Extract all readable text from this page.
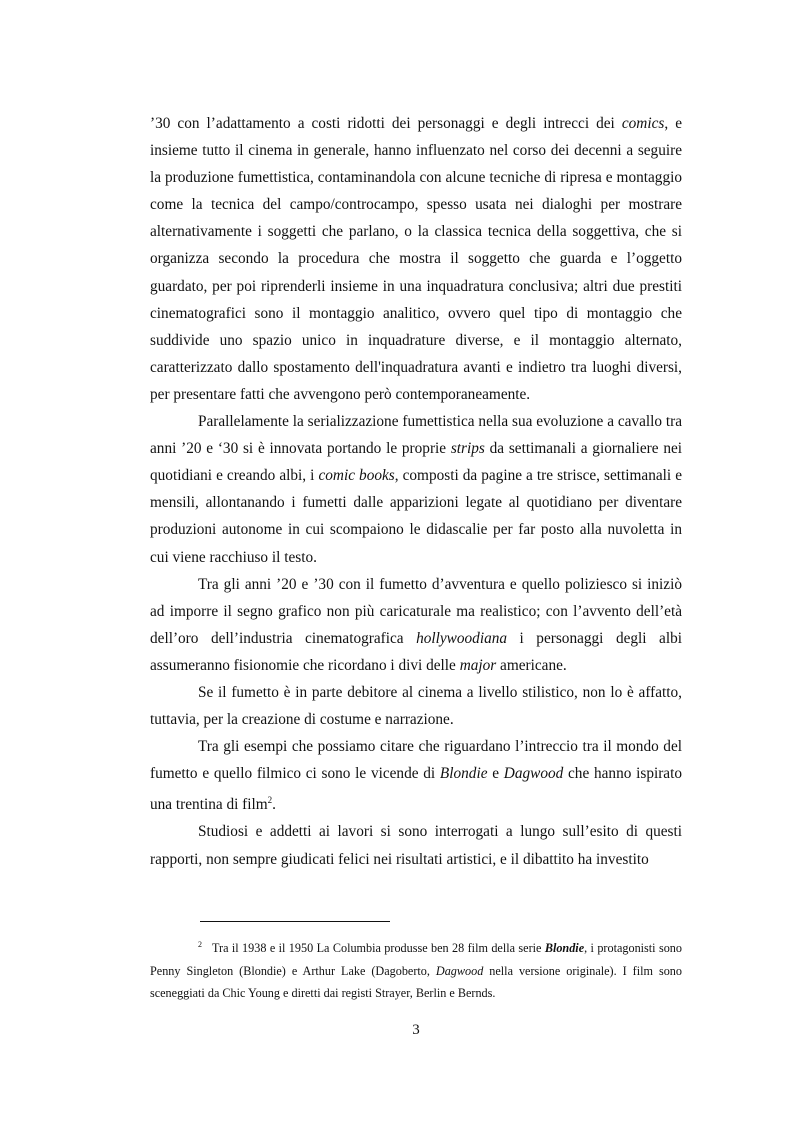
’30 con l’adattamento a costi ridotti dei personaggi e degli intrecci dei comics, e insieme tutto il cinema in generale, hanno influenzato nel corso dei decenni a seguire la produzione fumettistica, contaminandola con alcune tecniche di ripresa e montaggio come la tecnica del campo/controcampo, spesso usata nei dialoghi per mostrare alternativamente i soggetti che parlano, o la classica tecnica della soggettiva, che si organizza secondo la procedura che mostra il soggetto che guarda e l’oggetto guardato, per poi riprenderli insieme in una inquadratura conclusiva; altri due prestiti cinematografici sono il montaggio analitico, ovvero quel tipo di montaggio che suddivide uno spazio unico in inquadrature diverse, e il montaggio alternato, caratterizzato dallo spostamento dell'inquadratura avanti e indietro tra luoghi diversi, per presentare fatti che avvengono però contemporaneamente.

Parallelamente la serializzazione fumettistica nella sua evoluzione a cavallo tra anni ’20 e ‘30 si è innovata portando le proprie strips da settimanali a giornaliere nei quotidiani e creando albi, i comic books, composti da pagine a tre strisce, settimanali e mensili, allontanando i fumetti dalle apparizioni legate al quotidiano per diventare produzioni autonome in cui scompaiono le didascalie per far posto alla nuvoletta in cui viene racchiuso il testo.

Tra gli anni ’20 e ’30 con il fumetto d’avventura e quello poliziesco si iniziò ad imporre il segno grafico non più caricaturale ma realistico; con l’avvento dell’età dell’oro dell’industria cinematografica hollywoodiana i personaggi degli albi assumeranno fisionomie che ricordano i divi delle major americane.

Se il fumetto è in parte debitore al cinema a livello stilistico, non lo è affatto, tuttavia, per la creazione di costume e narrazione.

Tra gli esempi che possiamo citare che riguardano l’intreccio tra il mondo del fumetto e quello filmico ci sono le vicende di Blondie e Dagwood che hanno ispirato una trentina di film$^2$.

Studiosi e addetti ai lavori si sono interrogati a lungo sull’esito di questi rapporti, non sempre giudicati felici nei risultati artistici, e il dibattito ha investito

$^2$ Tra il 1938 e il 1950 La Columbia produsse ben 28 film della serie Blondie, i protagonisti sono Penny Singleton (Blondie) e Arthur Lake (Dagoberto, Dagwood nella versione originale). I film sono sceneggiati da Chic Young e diretti dai registi Strayer, Berlin e Bernds.
3
